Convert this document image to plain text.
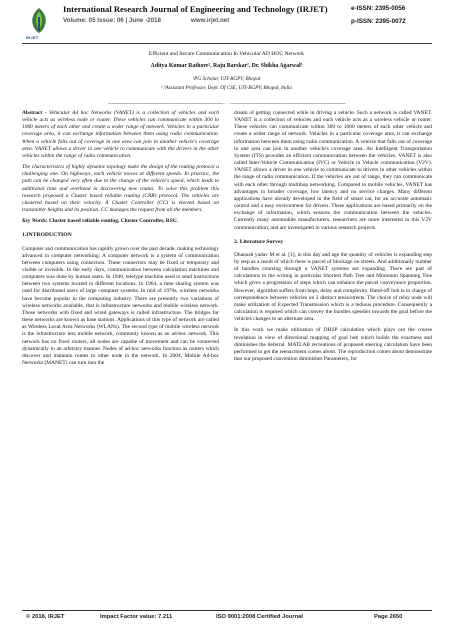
IRJET
International Research Journal of Engineering and Technology (IRJET)
Volume: 05 Issue: 06 | June -2018	www.irjet.net
e-ISSN: 2395-0056
p-ISSN: 2395-0072
Efficient and Secure Communication In Vehicular AD HOC Network
Aditya Kumar Rathore¹, Raju Barskar², Dr. Shikha Agarwal³
¹PG Scholar, UIT-RGPV, Bhopal
²,³Assistant Professor, Dept. Of CSE, UIT-RGPV, Bhopal, India
---------------------------------------------------------------------***---------------------------------------------------------------------

Abstract - Vehicular Ad hoc Networks (VANET) is a collection of vehicles and each vehicle acts as wireless node or router. These vehicles can communicate within 300 to 1000 meters of each other and create a wider range of network. Vehicles in a particular coverage area, it can exchange information between them using radio communication. When a vehicle falls out of coverage in one area can join in another vehicle's coverage area. VANET allows a driver in one vehicle to communicate with the drivers in the other vehicles within the range of radio communication.

The characteristics of highly dynamic topology make the design of the routing protocol a challenging one. On highways, each vehicle moves at different speeds. In practice, the path can be changed very often due to the change of the vehicle's speed, which leads to additional time and overhead in discovering new routes. To solve this problem this research proposed a Cluster based reliable routing (CRR) protocol. The vehicles are clustered based on their velocity. A Cluster Controller (CC) is elected based on transmitter heights and its position. CC manages the request from all the members.

Key Words: Cluster based reliable routing, Cluster Controller, RSU.

1.INTRODUCTION

Computer and communication has rapidly grown over the past decade, making technology advanced in computer networking. A computer network is a system of communication between computers using connectors. These connectors may be fixed or temporary and visible or invisible. In the early days, communication between calculation machines and computers was done by human users. In 1940, teletype machine used to send instructions between two systems located in different locations. In 1964, a time sharing system was used for distributed users of large computer systems. In mid of 1970s, wireless networks have become popular in the computing industry. There are presently two variations of wireless networks available, that is infrastructure networks and mobile wireless network. Those networks with fixed and wired gateways is called infrastructure. The bridges for these networks are known as base stations. Applications of this type of network are called as Wireless Local Area Networks (WLANs). The second type of mobile wireless network is the infrastructure less mobile network, commonly known as an ad-hoc network. This network has no fixed routers, all nodes are capable of movement and can be connected dynamically in an arbitrary manner. Nodes of ad-hoc networks function as routers which discover and maintain routes to other node in the network. In 2004, Mobile Ad-hoc Networks (MANET) can turn into the

dream of getting connected while in driving a vehicle. Such a network is called VANET. VANET is a collection of vehicles and each vehicle acts as a wireless vehicle or router. These vehicles can communicate within 300 to 1000 meters of each other vehicle and create a wider range of network. Vehicles in a particular coverage area, it can exchange information between them using radio communication. A vehicle that falls out of coverage in one area can join in another vehicle's coverage area. An Intelligent Transportation System (ITS) provides an efficient communication between the vehicles. VANET is also called Inter-Vehicle Communication (IVC) or Vehicle to Vehicle communication (V2V). VANET allows a driver in one vehicle to communicate to drivers in other vehicles within the range of radio communication. If the vehicles are out of range, they can communicate with each other through multihop networking. Compared to mobile vehicles, VANET has advantages in broader coverage, low latency and no service charges. Many different applications have already developed in the field of smart car, for an accurate automatic control and a easy environment for drivers. These applications are based primarily on the exchange of information, which ensures the communication between the vehicles. Currently many automobile manufacturers, researchers are more interested in this V2V communication, and are investigated in various research projects.

2. Literature Survey

Dhanush yadav M et al. [1], in this day and age the quantity of vehicles is expanding step by step as a result of which there is parcel of blockage on streets. And additionally number of bundles coursing through a VANET systems are expanding. There are part of calculations in the writing in particular Shortest Path Tree and Minimum Spanning Tree which gives a progression of steps which can enhance the parcel conveyance proportion. However, algorithm suffers from hops, delay and complexity. Hand-off hub is in charge of correspondence between vehicles on 2 distinct areas/streets. The choice of relay node will make utilization of Expected Transmission which is a tedious procedure. Consequently a calculation is required which can convey the bundles speedier towards the goal before the vehicles changes to an alternate area.

In this work we make utilization of DHSP calculation which plays out the course revelation in view of directional mapping of goal hub which builds the exactness and diminishes the deferral. MATLAB recreations of proposed steering calculation have been performed to get the reenactment comes about. The reproduction comes about demonstrate that our proposed convention diminishes Parameters, for

© 2018, IRJET	Impact Factor value: 7.211	ISO 9001:2008 Certified Journal	Page 2650
